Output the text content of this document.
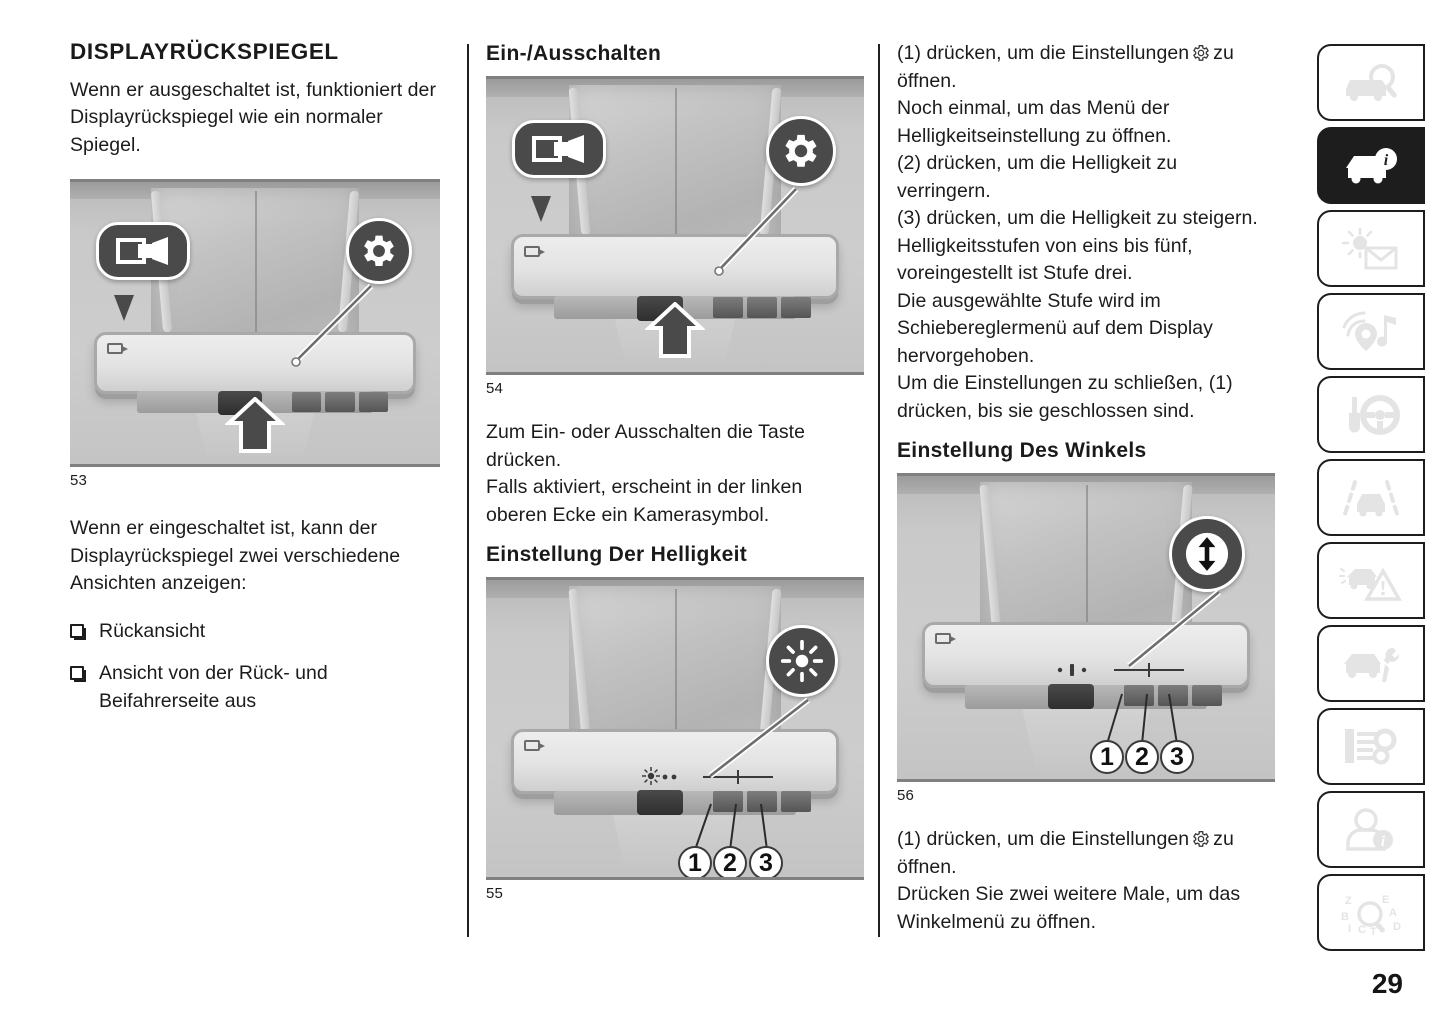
DISPLAYRÜCKSPIEGEL

Wenn er ausgeschaltet ist, funktioniert der Displayrückspiegel wie ein normaler Spiegel.

53

Wenn er eingeschaltet ist, kann der Displayrückspiegel zwei verschiedene Ansichten anzeigen:

Rückansicht
Ansicht von der Rück- und Beifahrerseite aus
Ein-/Ausschalten
54

Zum Ein- oder Ausschalten die Taste drücken.

Falls aktiviert, erscheint in der linken oberen Ecke ein Kamerasymbol.

Einstellung Der Helligkeit
1 2 3
55

(1) drücken, um die Einstellungen zu öffnen.

Noch einmal, um das Menü der Helligkeitseinstellung zu öffnen.

(2) drücken, um die Helligkeit zu verringern.

(3) drücken, um die Helligkeit zu steigern.

Helligkeitsstufen von eins bis fünf, voreingestellt ist Stufe drei.

Die ausgewählte Stufe wird im Schiebereglermenü auf dem Display hervorgehoben.

Um die Einstellungen zu schließen, (1) drücken, bis sie geschlossen sind.

Einstellung Des Winkels
1 2 3
56

(1) drücken, um die Einstellungen zu öffnen.

Drücken Sie zwei weitere Male, um das Winkelmenü zu öffnen.

i
i
Z
B
I C T
E
A
D
29
